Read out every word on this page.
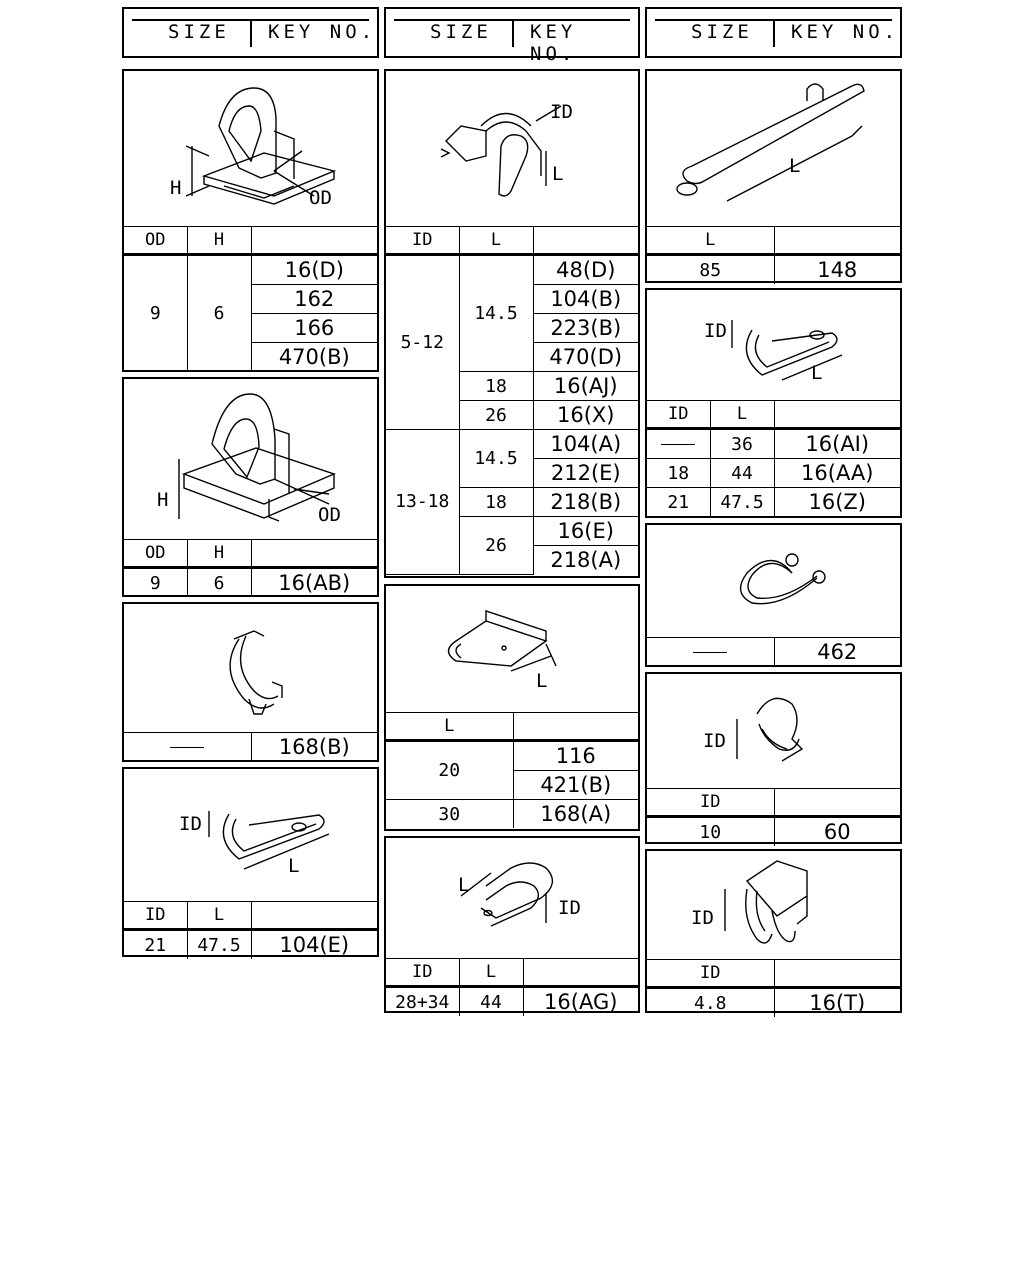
SIZE KEY NO.	SIZE KEY NO.
SIZE KEY NO.
H	OD
OD	H	
9	6	16(D)
		162
		166
		470(B)
H
OD
OD	H	
9	6	16(AB)
	168(B)
ID
L
ID	L	
21	47.5	104(E)
ID
L
ID	L	
5-12	14.5	48(D)
		104(B)
		223(B)
		470(D)
	18	16(AJ)
	26	16(X)
13-18	14.5	104(A)
		212(E)
	18	218(B)
	26	16(E)
		218(A)
L
L	
20	116
	421(B)
30	168(A)
L
ID
ID	L	
28+34	44	16(AG)
L
L	
85	148
ID
L
ID	L	
	36	16(AI)
18	44	16(AA)
21	47.5	16(Z)
	462
ID
ID	
10	60
ID
ID	
4.8	16(T)
